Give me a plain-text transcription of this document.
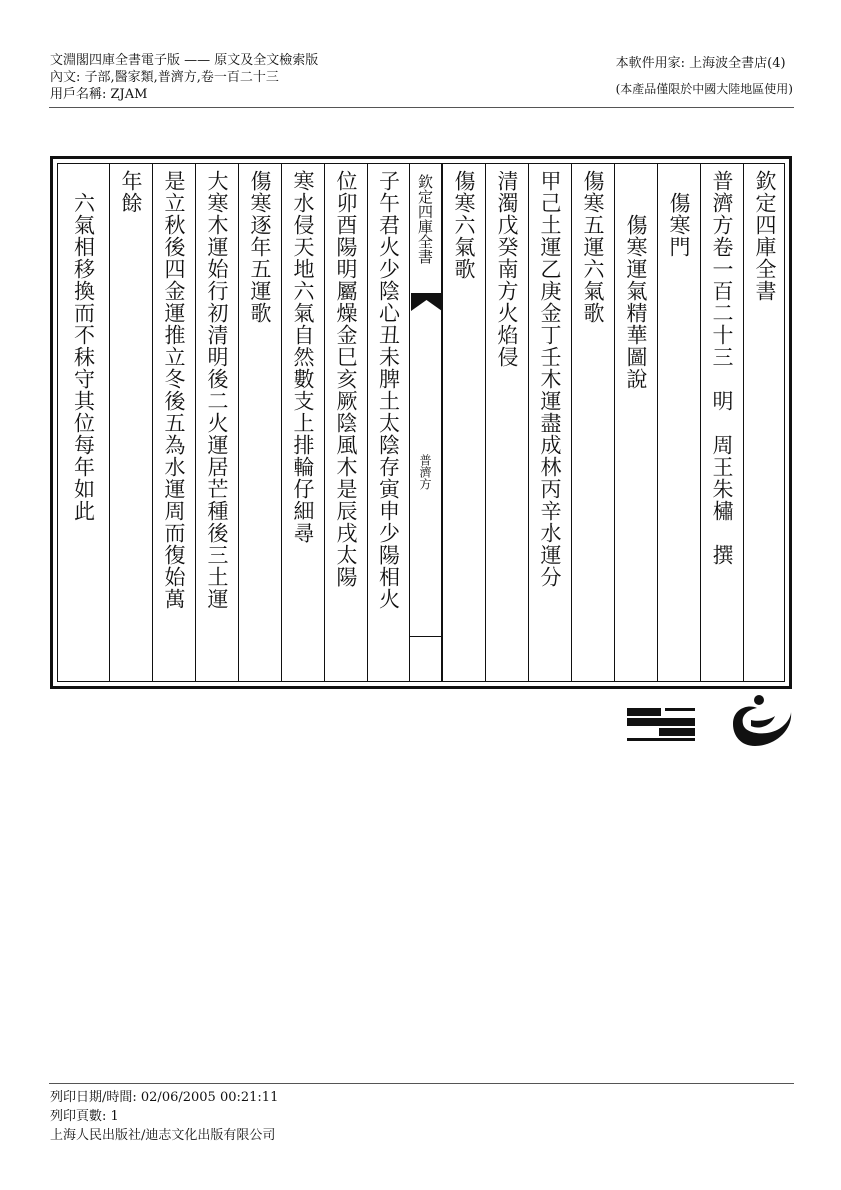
文淵閣四庫全書電子版 —— 原文及全文檢索版
內文: 子部,醫家類,普濟方,卷一百二十三
用戶名稱: ZJAM
本軟件用家: 上海波全書店(4)
(本產品僅限於中國大陸地區使用)
欽定四庫全書
普濟方卷一百二十三　明　周王朱橚　撰
　傷寒門
　　傷寒運氣精華圖說
傷寒五運六氣歌
甲己土運乙庚金丁壬木運盡成林丙辛水運分
清濁戊癸南方火焰侵
傷寒六氣歌
欽定四庫全書
普濟方
子午君火少陰心丑未脾土太陰存寅申少陽相火
位卯酉陽明屬燥金巳亥厥陰風木是辰戌太陽
寒水侵天地六氣自然數支上排輪仔細尋
傷寒逐年五運歌
大寒木運始行初清明後二火運居芒種後三土運
是立秋後四金運推立冬後五為水運周而復始萬
年餘
　六氣相移換而不秣守其位每年如此
列印日期/時間: 02/06/2005 00:21:11
列印頁數: 1
上海人民出版社/迪志文化出版有限公司
